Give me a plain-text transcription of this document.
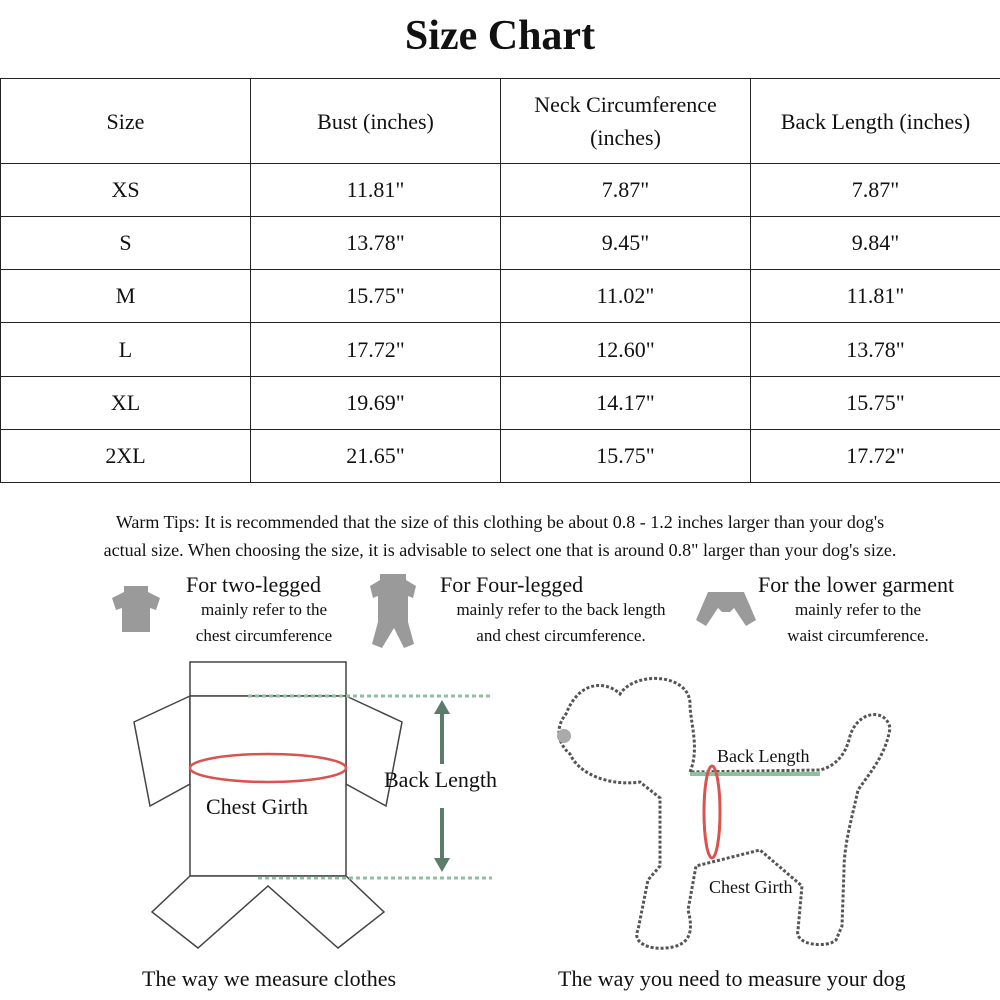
Size Chart
Size	Bust (inches)	Neck Circumference (inches)	Back Length (inches)
XS	11.81"	7.87"	7.87"
S	13.78"	9.45"	9.84"
M	15.75"	11.02"	11.81"
L	17.72"	12.60"	13.78"
XL	19.69"	14.17"	15.75"
2XL	21.65"	15.75"	17.72"
Warm Tips: It is recommended that the size of this clothing be about 0.8 - 1.2 inches larger than your dog's
actual size. When choosing the size, it is advisable to select one that is around 0.8" larger than your dog's size.
For two-legged
mainly refer to the
chest circumference
For Four-legged
mainly refer to the back length
and chest circumference.
For the lower garment
mainly refer to the
waist circumference.
Chest Girth
Back Length
The way we measure clothes
Back Length
Chest Girth
The way you need to measure your dog
